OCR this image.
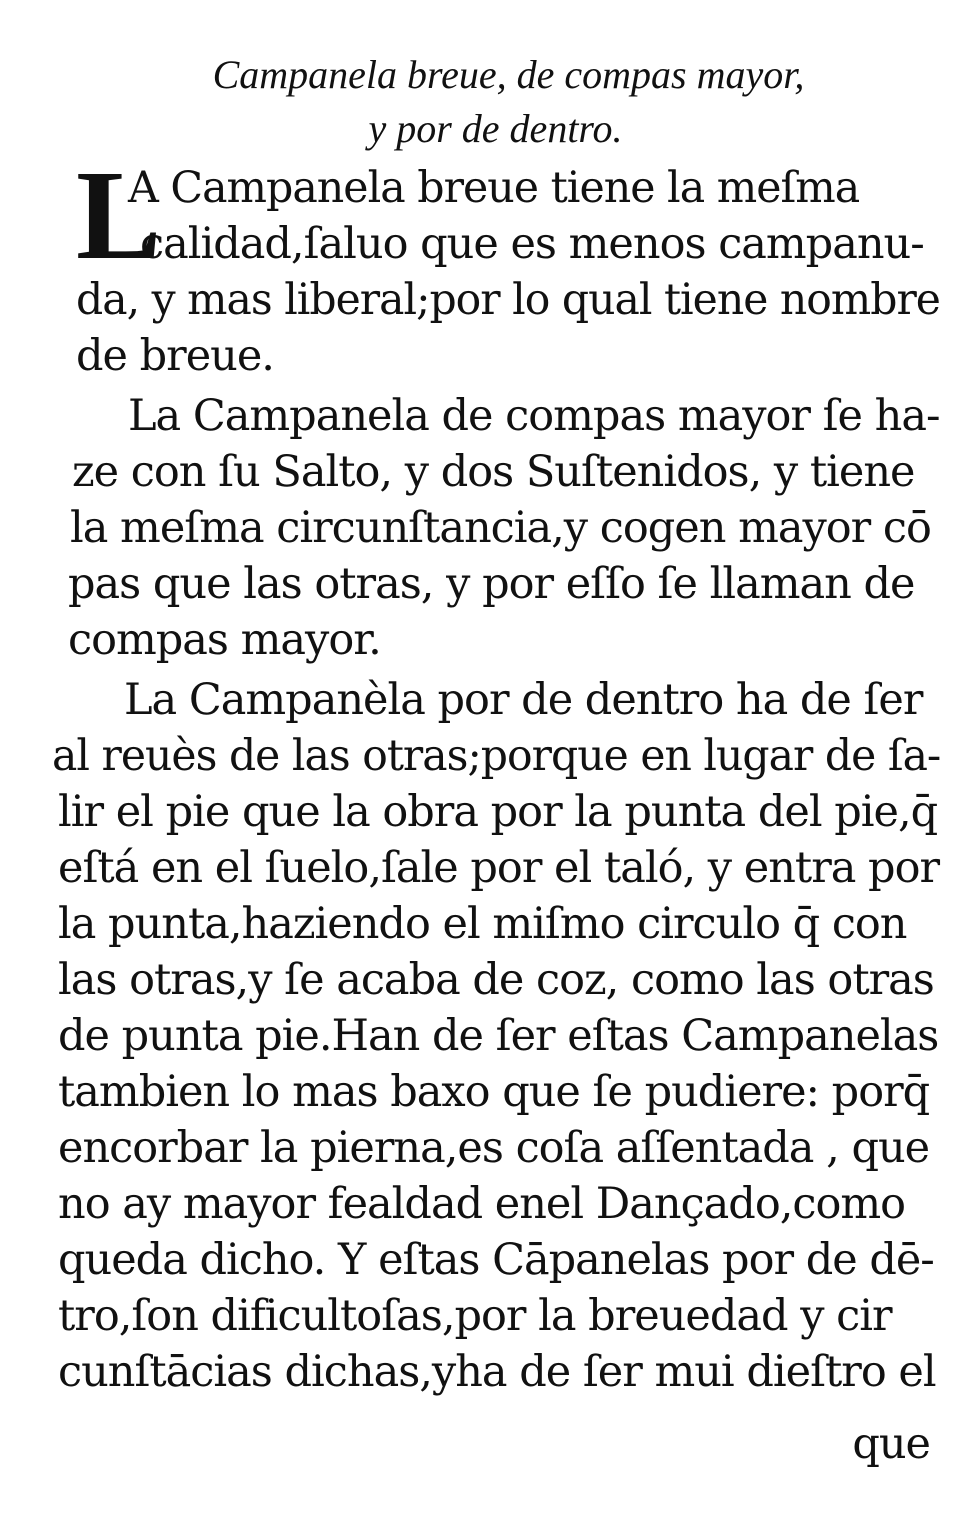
Campanela breue, de compas mayor,
y por de dentro.
L
A Campanela breue tiene la meſma
calidad,ſaluo que es menos campanu-
da, y mas liberal;por lo qual tiene nombre
de breue.
La Campanela de compas mayor ſe ha-
ze con ſu Salto, y dos Suſtenidos, y tiene
la meſma circunſtancia,y cogen mayor cō
pas que las otras, y por eſſo ſe llaman de
compas mayor.
La Campanèla por de dentro ha de ſer
al reuès de las otras;porque en lugar de ſa-
lir el pie que la obra por la punta del pie,q̄
eſtá en el ſuelo,ſale por el taló, y entra por
la punta,haziendo el miſmo circulo q̄ con
las otras,y ſe acaba de coz, como las otras
de punta pie.Han de ſer eſtas Campanelas
tambien lo mas baxo que ſe pudiere: porq̄
encorbar la pierna,es coſa aſſentada , que
no ay mayor fealdad enel Dançado,como
queda dicho. Y eſtas Cāpanelas por de dē-
tro,ſon dificultoſas,por la breuedad y cir
cunſtācias dichas,yha de ſer mui dieſtro el
que
